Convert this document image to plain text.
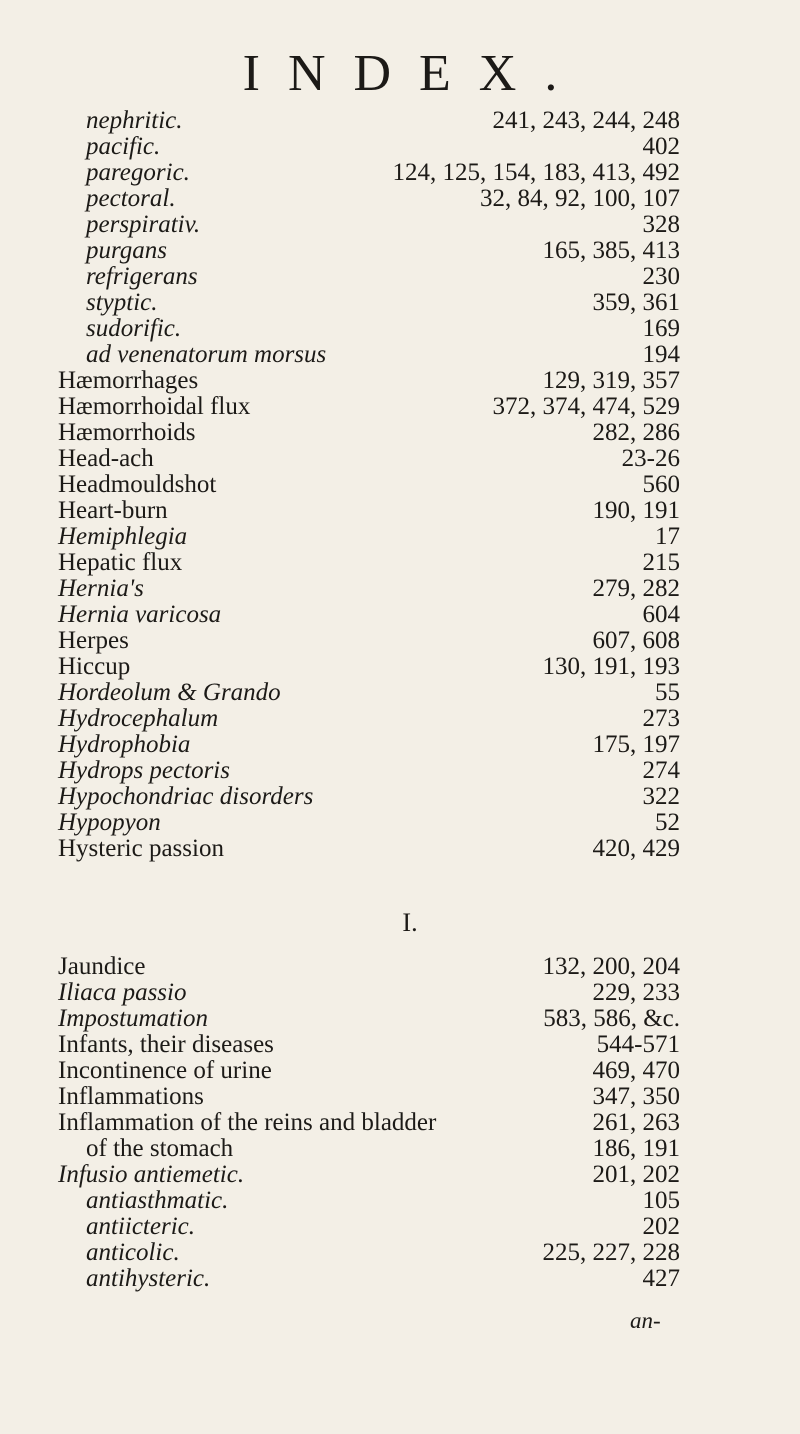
INDEX.
nephritic.	241, 243, 244, 248
pacific.	402
paregoric.	124, 125, 154, 183, 413, 492
pectoral.	32, 84, 92, 100, 107
perspirativ.	328
purgans	165, 385, 413
refrigerans	230
styptic.	359, 361
sudorific.	169
ad venenatorum morsus	194
Hæmorrhages	129, 319, 357
Hæmorrhoidal flux	372, 374, 474, 529
Hæmorrhoids	282, 286
Head-ach	23-26
Headmouldshot	560
Heart-burn	190, 191
Hemiphlegia	17
Hepatic flux	215
Hernia's	279, 282
Hernia varicosa	604
Herpes	607, 608
Hiccup	130, 191, 193
Hordeolum & Grando	55
Hydrocephalum	273
Hydrophobia	175, 197
Hydrops pectoris	274
Hypochondriac disorders	322
Hypopyon	52
Hysteric passion	420, 429
I.
Jaundice	132, 200, 204
Iliaca passio	229, 233
Impostumation	583, 586, &c.
Infants, their diseases	544-571
Incontinence of urine	469, 470
Inflammations	347, 350
Inflammation of the reins and bladder	261, 263
of the stomach	186, 191
Infusio antiemetic.	201, 202
antiasthmatic.	105
antiicteric.	202
anticolic.	225, 227, 228
antihysteric.	427
an-
